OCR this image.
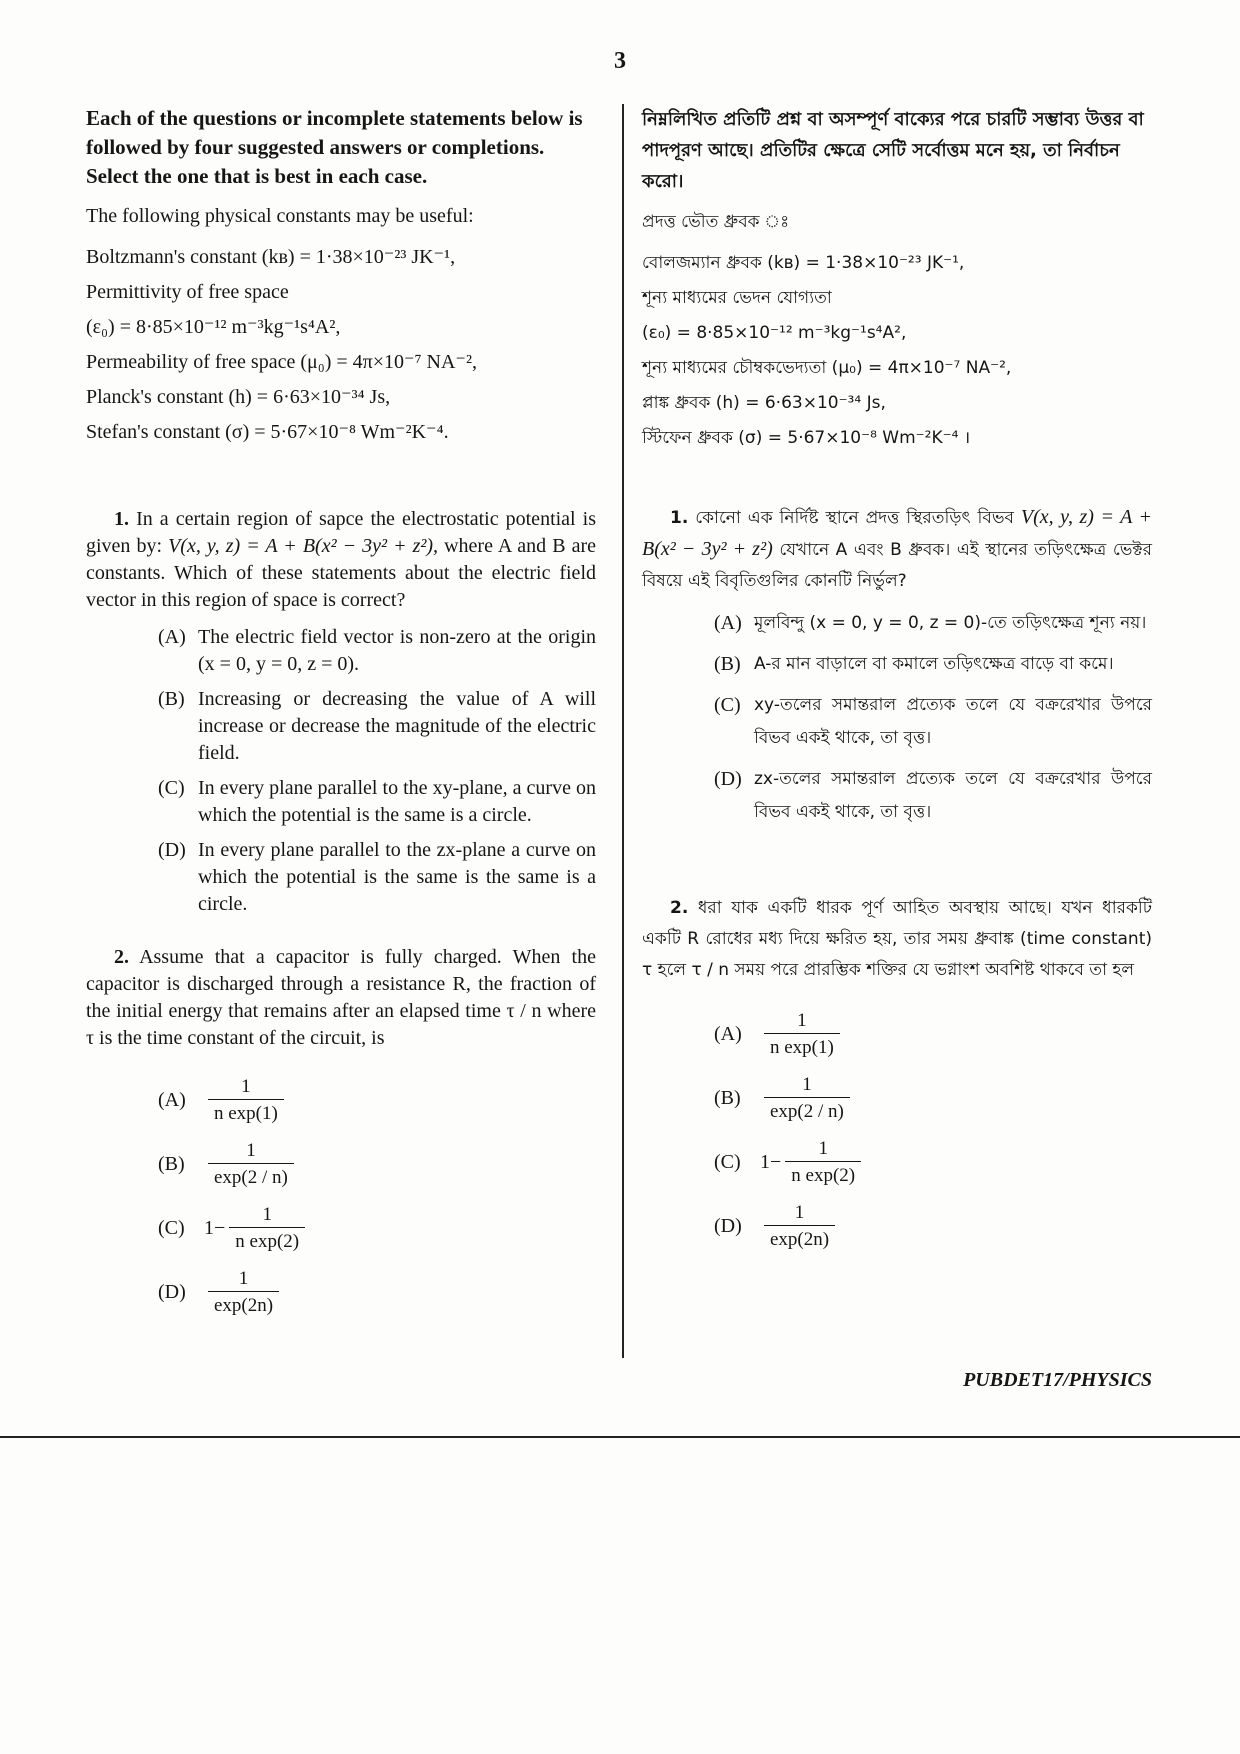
3
Each of the questions or incomplete statements below is followed by four suggested answers or completions. Select the one that is best in each case.
The following physical constants may be useful:
Boltzmann's constant (kʙ) = 1·38×10⁻²³ JK⁻¹,
Permittivity of free space
(ε₀) = 8·85×10⁻¹² m⁻³kg⁻¹s⁴A²,
Permeability of free space (μ₀) = 4π×10⁻⁷ NA⁻²,
Planck's constant (h) = 6·63×10⁻³⁴ Js,
Stefan's constant (σ) = 5·67×10⁻⁸ Wm⁻²K⁻⁴.
1. In a certain region of sapce the electrostatic potential is given by: V(x, y, z) = A + B(x² − 3y² + z²), where A and B are constants. Which of these statements about the electric field vector in this region of space is correct?
(A) The electric field vector is non-zero at the origin (x = 0, y = 0, z = 0).
(B) Increasing or decreasing the value of A will increase or decrease the magnitude of the electric field.
(C) In every plane parallel to the xy-plane, a curve on which the potential is the same is a circle.
(D) In every plane parallel to the zx-plane a curve on which the potential is the same is the same is a circle.
2. Assume that a capacitor is fully charged. When the capacitor is discharged through a resistance R, the fraction of the initial energy that remains after an elapsed time τ / n where τ is the time constant of the circuit, is
(A)	$\frac{1}{\text{n exp(1)}}$
(B)	$\frac{1}{\exp(2 / n)}$
(C) $1- \frac{1}{\text{n exp(2)}}$
(D)	$\frac{1}{\exp(2n)}$
নিম্নলিখিত প্রতিটি প্রশ্ন বা অসম্পূর্ণ বাক্যের পরে চারটি সম্ভাব্য উত্তর বা পাদপূরণ আছে। প্রতিটির ক্ষেত্রে সেটি সর্বোত্তম মনে হয়, তা নির্বাচন করো।
প্রদত্ত ভৌত ধ্রুবক ঃ
বোলজম্যান ধ্রুবক (kʙ) = 1·38×10⁻²³ JK⁻¹,
শূন্য মাধ্যমের ভেদন যোগ্যতা
(ε₀) = 8·85×10⁻¹² m⁻³kg⁻¹s⁴A²,
শূন্য মাধ্যমের চৌম্বকভেদ্যতা (μ₀) = 4π×10⁻⁷ NA⁻²,
প্লাঙ্ক ধ্রুবক (h) = 6·63×10⁻³⁴ Js,
স্টিফেন ধ্রুবক (σ) = 5·67×10⁻⁸ Wm⁻²K⁻⁴ ।
1. কোনো এক নির্দিষ্ট স্থানে প্রদত্ত স্থিরতড়িৎ বিভব V(x, y, z) = A + B(x² − 3y² + z²) যেখানে A এবং B ধ্রুবক। এই স্থানের তড়িৎক্ষেত্র ভেক্টর বিষয়ে এই বিবৃতিগুলির কোনটি নির্ভুল?
(A) মূলবিন্দু (x = 0, y = 0, z = 0)-তে তড়িৎক্ষেত্র শূন্য নয়।
(B) A-র মান বাড়ালে বা কমালে তড়িৎক্ষেত্র বাড়ে বা কমে।
(C) xy-তলের সমান্তরাল প্রত্যেক তলে যে বক্ররেখার উপরে বিভব একই থাকে, তা বৃত্ত।
(D) zx-তলের সমান্তরাল প্রত্যেক তলে যে বক্ররেখার উপরে বিভব একই থাকে, তা বৃত্ত।
2. ধরা যাক একটি ধারক পূর্ণ আহিত অবস্থায় আছে। যখন ধারকটি একটি R রোধের মধ্য দিয়ে ক্ষরিত হয়, তার সময় ধ্রুবাঙ্ক (time constant) τ হলে τ / n সময় পরে প্রারম্ভিক শক্তির যে ভগ্নাংশ অবশিষ্ট থাকবে তা হল
(A)	$\frac{1}{\text{n exp(1)}}$
(B)	$\frac{1}{\exp(2 / n)}$
(C) $1- \frac{1}{\text{n exp(2)}}$
(D)	$\frac{1}{\exp(2n)}$
PUBDET17/PHYSICS
